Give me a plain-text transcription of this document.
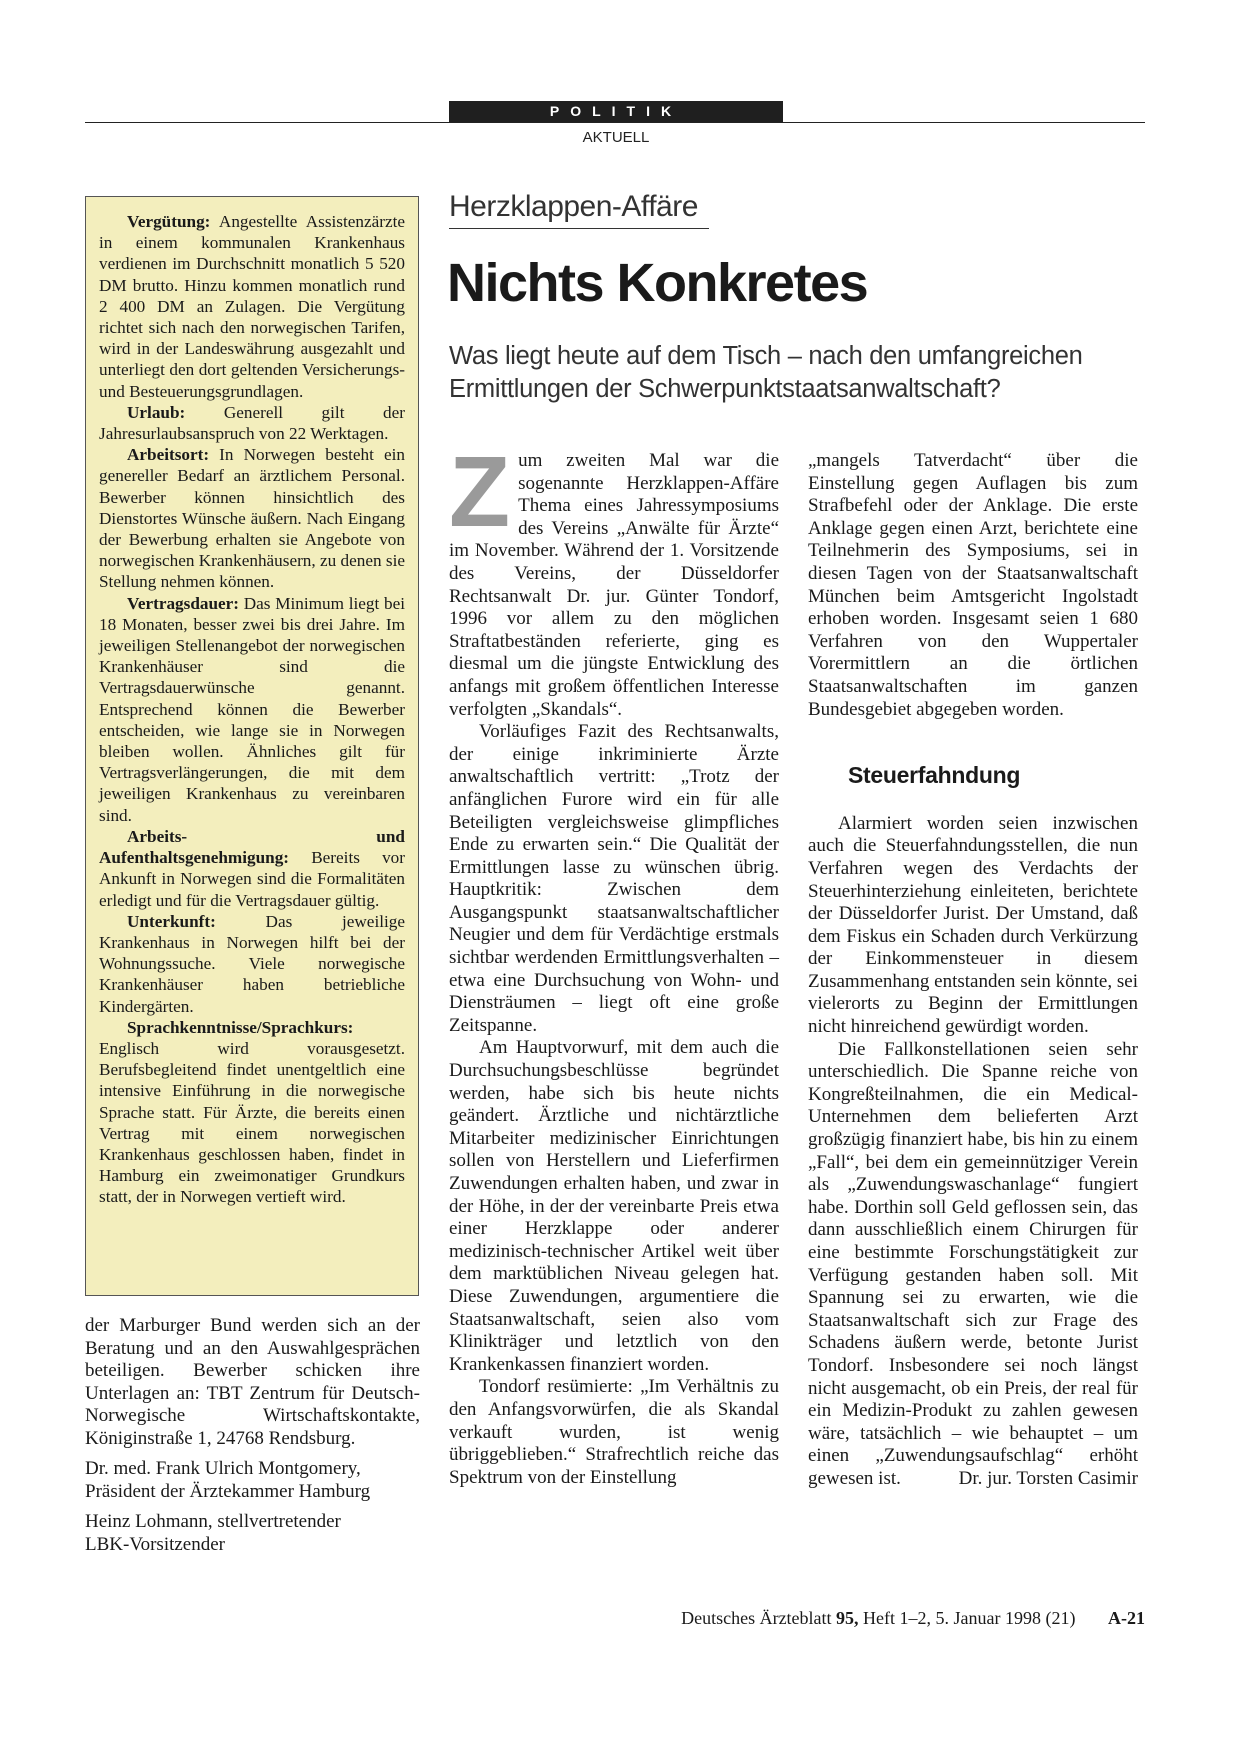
POLITIK
AKTUELL

Vergütung: Angestellte Assistenzärzte in einem kommunalen Krankenhaus verdienen im Durchschnitt monatlich 5 520 DM brutto. Hinzu kommen monatlich rund 2 400 DM an Zulagen. Die Vergütung richtet sich nach den norwegischen Tarifen, wird in der Landeswährung ausgezahlt und unterliegt den dort geltenden Versicherungs- und Besteuerungsgrundlagen.

Urlaub: Generell gilt der Jahresurlaubsanspruch von 22 Werktagen.

Arbeitsort: In Norwegen besteht ein genereller Bedarf an ärztlichem Personal. Bewerber können hinsichtlich des Dienstortes Wünsche äußern. Nach Eingang der Bewerbung erhalten sie Angebote von norwegischen Krankenhäusern, zu denen sie Stellung nehmen können.

Vertragsdauer: Das Minimum liegt bei 18 Monaten, besser zwei bis drei Jahre. Im jeweiligen Stellenangebot der norwegischen Krankenhäuser sind die Vertragsdauerwünsche genannt. Entsprechend können die Bewerber entscheiden, wie lange sie in Norwegen bleiben wollen. Ähnliches gilt für Vertragsverlängerungen, die mit dem jeweiligen Krankenhaus zu vereinbaren sind.

Arbeits- und Aufenthaltsgenehmigung: Bereits vor Ankunft in Norwegen sind die Formalitäten erledigt und für die Vertragsdauer gültig.

Unterkunft: Das jeweilige Krankenhaus in Norwegen hilft bei der Wohnungssuche. Viele norwegische Krankenhäuser haben betriebliche Kindergärten.

Sprachkenntnisse/Sprachkurs: Englisch wird vorausgesetzt. Berufsbegleitend findet unentgeltlich eine intensive Einführung in die norwegische Sprache statt. Für Ärzte, die bereits einen Vertrag mit einem norwegischen Krankenhaus geschlossen haben, findet in Hamburg ein zweimonatiger Grundkurs statt, der in Norwegen vertieft wird.

der Marburger Bund werden sich an der Beratung und an den Auswahlgesprächen beteiligen. Bewerber schicken ihre Unterlagen an: TBT Zentrum für Deutsch-Norwegische Wirtschaftskontakte, Königinstraße 1, 24768 Rendsburg.

Dr. med. Frank Ulrich Montgomery,
Präsident der Ärztekammer Hamburg

Heinz Lohmann, stellvertretender
LBK-Vorsitzender

Herzklappen-Affäre
Nichts Konkretes
Was liegt heute auf dem Tisch – nach den umfangreichen Ermittlungen der Schwerpunktstaatsanwaltschaft?

Zum zweiten Mal war die sogenannte Herzklappen-Affäre Thema eines Jahressymposiums des Vereins „Anwälte für Ärzte“ im November. Während der 1. Vorsitzende des Vereins, der Düsseldorfer Rechtsanwalt Dr. jur. Günter Tondorf, 1996 vor allem zu den möglichen Straftatbeständen referierte, ging es diesmal um die jüngste Entwicklung des anfangs mit großem öffentlichen Interesse verfolgten „Skandals“.

Vorläufiges Fazit des Rechtsanwalts, der einige inkriminierte Ärzte anwaltschaftlich vertritt: „Trotz der anfänglichen Furore wird ein für alle Beteiligten vergleichsweise glimpfliches Ende zu erwarten sein.“ Die Qualität der Ermittlungen lasse zu wünschen übrig. Hauptkritik: Zwischen dem Ausgangspunkt staatsanwaltschaftlicher Neugier und dem für Verdächtige erstmals sichtbar werdenden Ermittlungsverhalten – etwa eine Durchsuchung von Wohn- und Diensträumen – liegt oft eine große Zeitspanne.

Am Hauptvorwurf, mit dem auch die Durchsuchungsbeschlüsse begründet werden, habe sich bis heute nichts geändert. Ärztliche und nichtärztliche Mitarbeiter medizinischer Einrichtungen sollen von Herstellern und Lieferfirmen Zuwendungen erhalten haben, und zwar in der Höhe, in der der vereinbarte Preis etwa einer Herzklappe oder anderer medizinisch-technischer Artikel weit über dem marktüblichen Niveau gelegen hat. Diese Zuwendungen, argumentiere die Staatsanwaltschaft, seien also vom Klinikträger und letztlich von den Krankenkassen finanziert worden.

Tondorf resümierte: „Im Verhältnis zu den Anfangsvorwürfen, die als Skandal verkauft wurden, ist wenig übriggeblieben.“ Strafrechtlich reiche das Spektrum von der Einstellung

„mangels Tatverdacht“ über die Einstellung gegen Auflagen bis zum Strafbefehl oder der Anklage. Die erste Anklage gegen einen Arzt, berichtete eine Teilnehmerin des Symposiums, sei in diesen Tagen von der Staatsanwaltschaft München beim Amtsgericht Ingolstadt erhoben worden. Insgesamt seien 1 680 Verfahren von den Wuppertaler Vorermittlern an die örtlichen Staatsanwaltschaften im ganzen Bundesgebiet abgegeben worden.

Steuerfahndung

Alarmiert worden seien inzwischen auch die Steuerfahndungsstellen, die nun Verfahren wegen des Verdachts der Steuerhinterziehung einleiteten, berichtete der Düsseldorfer Jurist. Der Umstand, daß dem Fiskus ein Schaden durch Verkürzung der Einkommensteuer in diesem Zusammenhang entstanden sein könnte, sei vielerorts zu Beginn der Ermittlungen nicht hinreichend gewürdigt worden.

Die Fallkonstellationen seien sehr unterschiedlich. Die Spanne reiche von Kongreßteilnahmen, die ein Medical-Unternehmen dem belieferten Arzt großzügig finanziert habe, bis hin zu einem „Fall“, bei dem ein gemeinnütziger Verein als „Zuwendungswaschanlage“ fungiert habe. Dorthin soll Geld geflossen sein, das dann ausschließlich einem Chirurgen für eine bestimmte Forschungstätigkeit zur Verfügung gestanden haben soll. Mit Spannung sei zu erwarten, wie die Staatsanwaltschaft sich zur Frage des Schadens äußern werde, betonte Jurist Tondorf. Insbesondere sei noch längst nicht ausgemacht, ob ein Preis, der real für ein Medizin-Produkt zu zahlen gewesen wäre, tatsächlich – wie behauptet – um einen „Zuwendungsaufschlag“ erhöht gewesen ist.	Dr. jur. Torsten Casimir

Deutsches Ärzteblatt 95, Heft 1–2, 5. Januar 1998 (21) A-21
